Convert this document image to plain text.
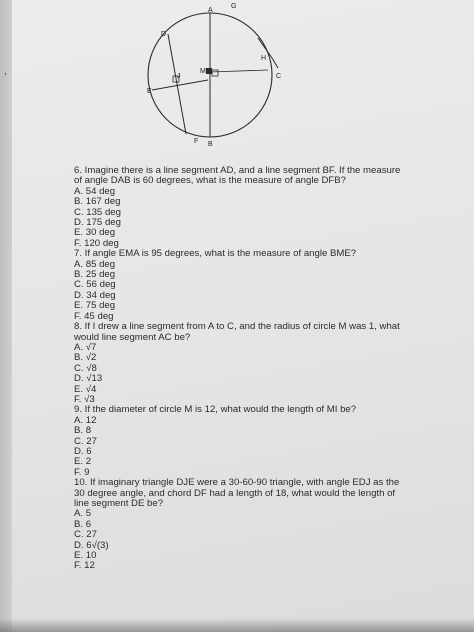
,
A
G
D
H
C
J
M
E
F B

6. Imagine there is a line segment AD, and a line segment BF. If the measure of angle DAB is 60 degrees, what is the measure of angle DFB?

A. 54 deg
B. 167 deg
C. 135 deg
D. 175 deg
E. 30 deg
F. 120 deg

7. If angle EMA is 95 degrees, what is the measure of angle BME?

A. 85 deg
B. 25 deg
C. 56 deg
D. 34 deg
E. 75 deg
F. 45 deg

8. If I drew a line segment from A to C, and the radius of circle M was 1, what would line segment AC be?

A. √7
B. √2
C. √8
D. √13
E. √4
F. √3

9. If the diameter of circle M is 12, what would the length of MI be?

A. 12
B. 8
C. 27
D. 6
E. 2
F. 9

10. If imaginary triangle DJE were a 30-60-90 triangle, with angle EDJ as the 30 degree angle, and chord DF had a length of 18, what would the length of line segment DE be?

A. 5
B. 6
C. 27
D. 6√(3)
E. 10
F. 12
